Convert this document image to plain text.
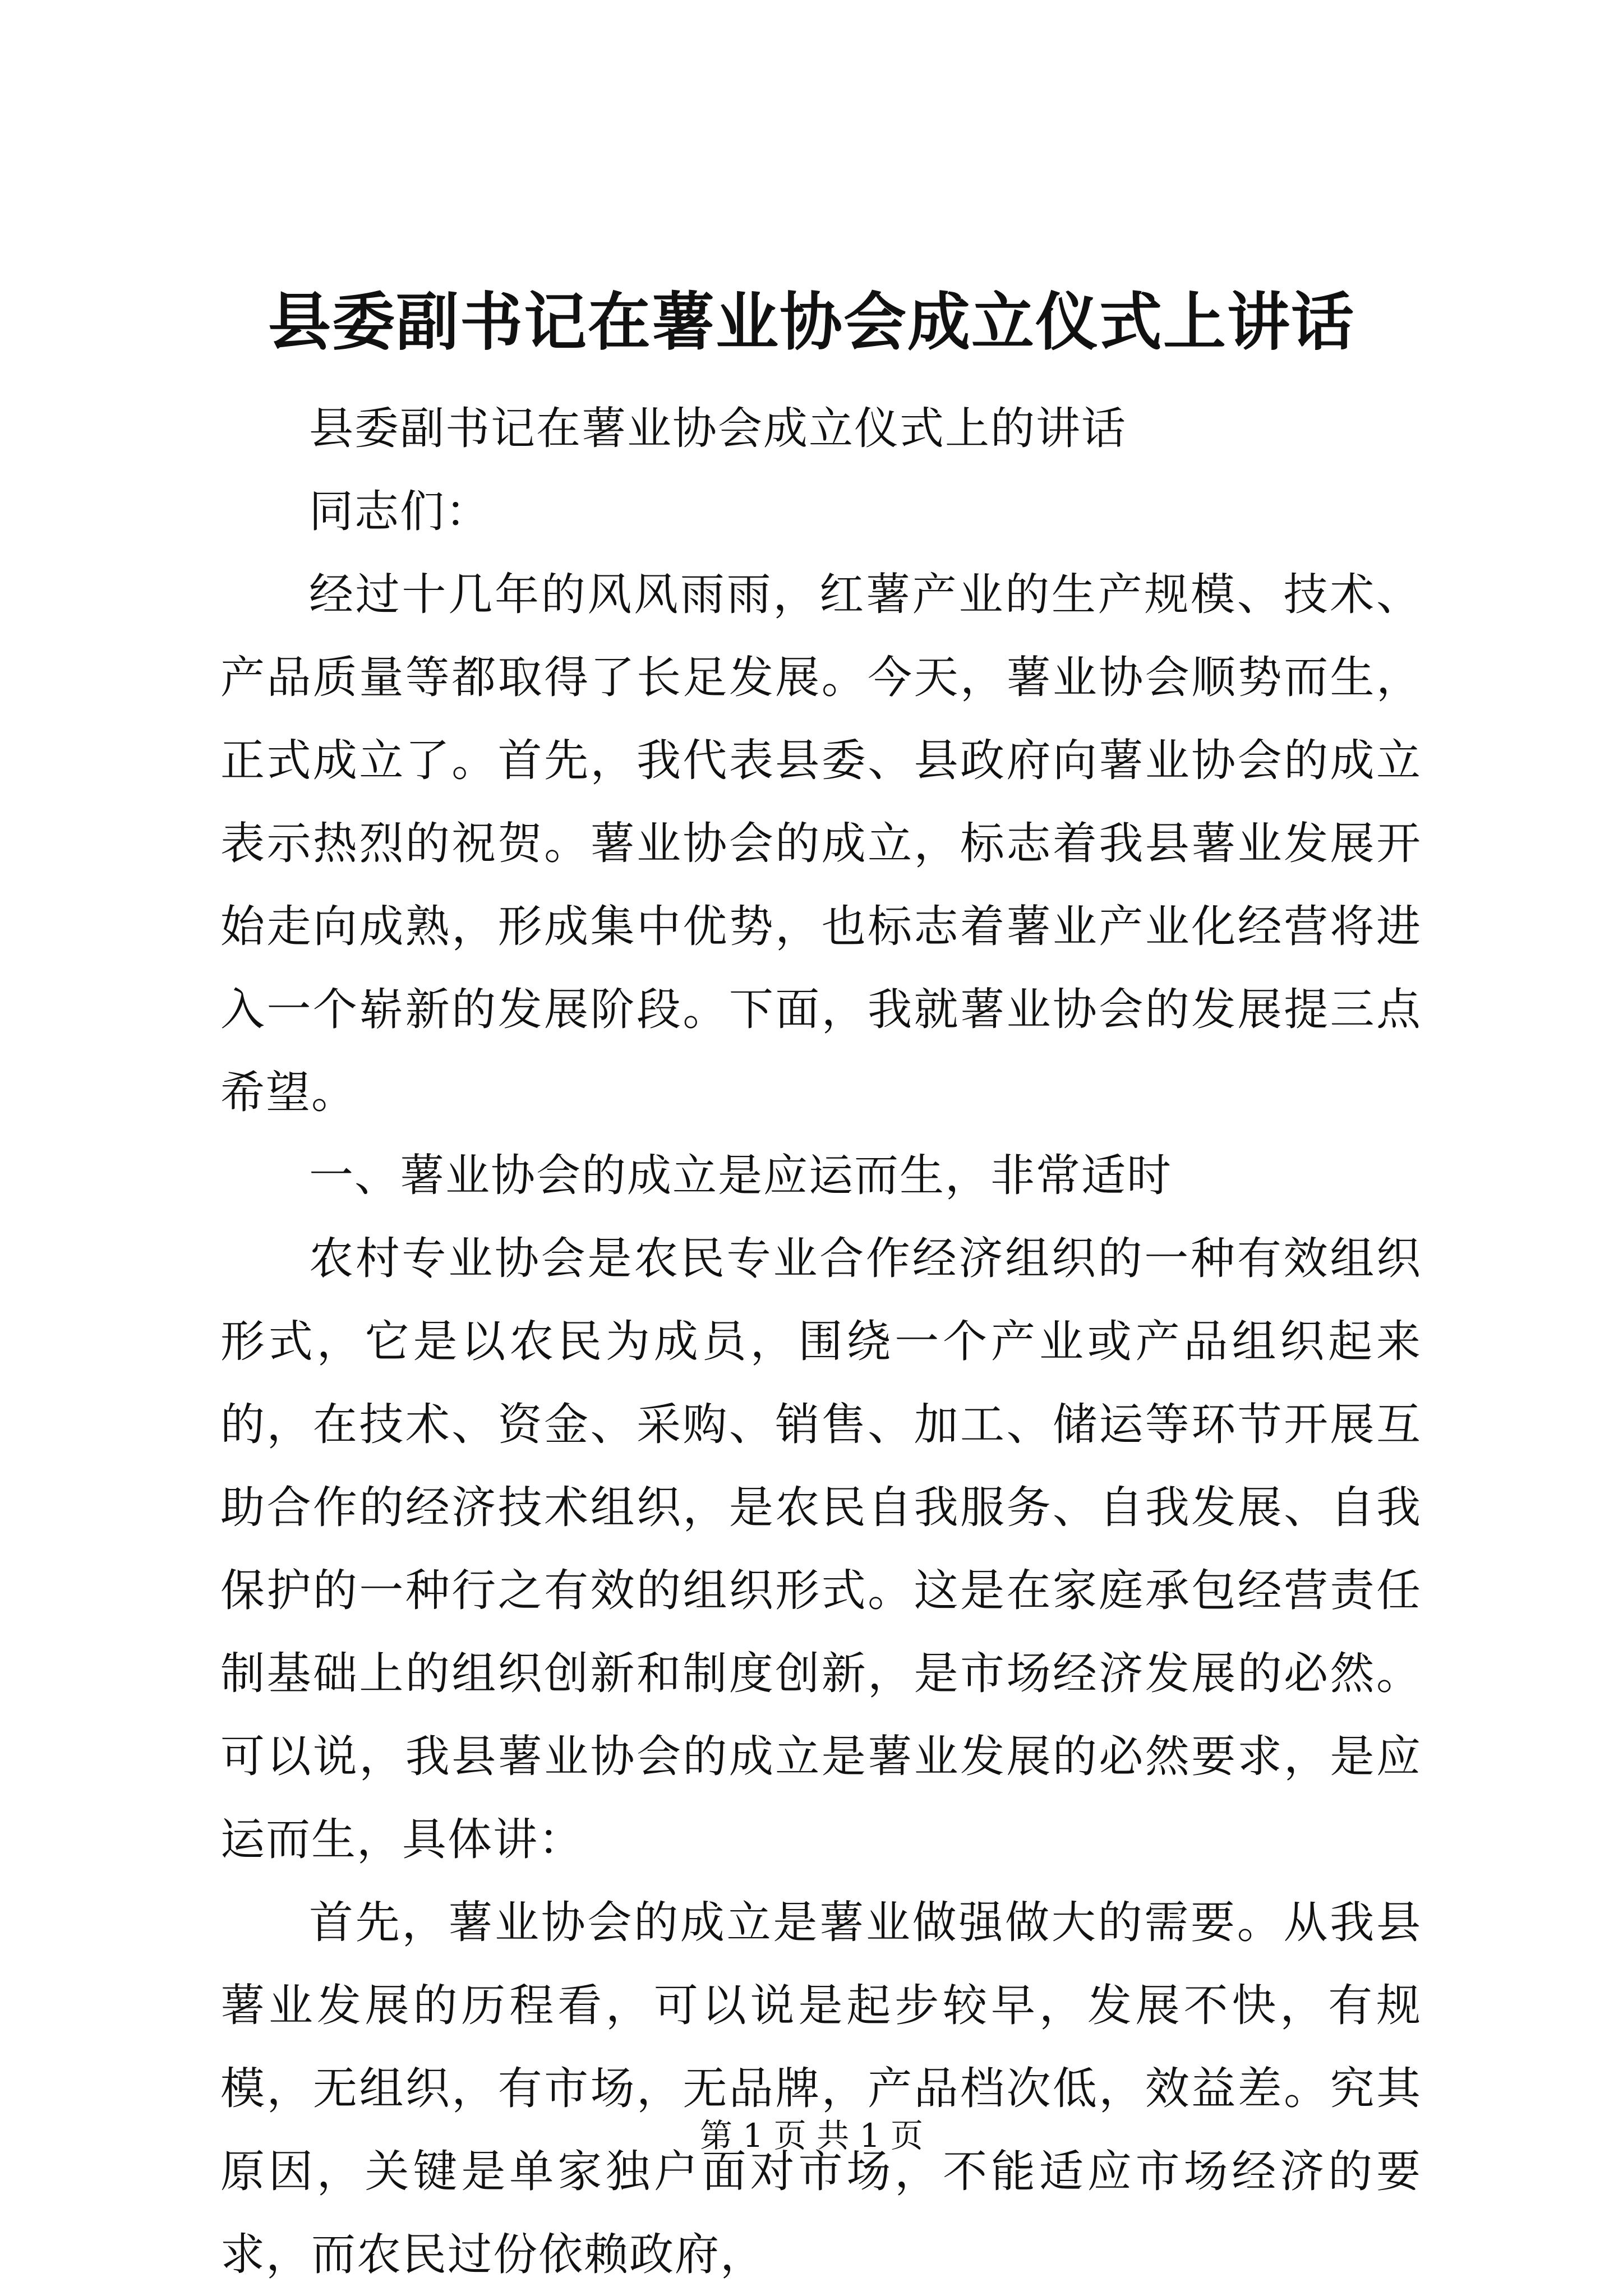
县委副书记在薯业协会成立仪式上讲话

县委副书记在薯业协会成立仪式上的讲话

同志们：

经过十几年的风风雨雨，红薯产业的生产规模、技术、产品质量等都取得了长足发展。今天，薯业协会顺势而生，正式成立了。首先，我代表县委、县政府向薯业协会的成立表示热烈的祝贺。薯业协会的成立，标志着我县薯业发展开始走向成熟，形成集中优势，也标志着薯业产业化经营将进入一个崭新的发展阶段。下面，我就薯业协会的发展提三点希望。

一、薯业协会的成立是应运而生，非常适时

农村专业协会是农民专业合作经济组织的一种有效组织形式，它是以农民为成员，围绕一个产业或产品组织起来的，在技术、资金、采购、销售、加工、储运等环节开展互助合作的经济技术组织，是农民自我服务、自我发展、自我保护的一种行之有效的组织形式。这是在家庭承包经营责任制基础上的组织创新和制度创新，是市场经济发展的必然。可以说，我县薯业协会的成立是薯业发展的必然要求，是应运而生，具体讲：

首先，薯业协会的成立是薯业做强做大的需要。从我县薯业发展的历程看，可以说是起步较早，发展不快，有规模，无组织，有市场，无品牌，产品档次低，效益差。究其原因，关键是单家独户面对市场，不能适应市场经济的要求，而农民过份依赖政府，

第 1 页 共 1 页
